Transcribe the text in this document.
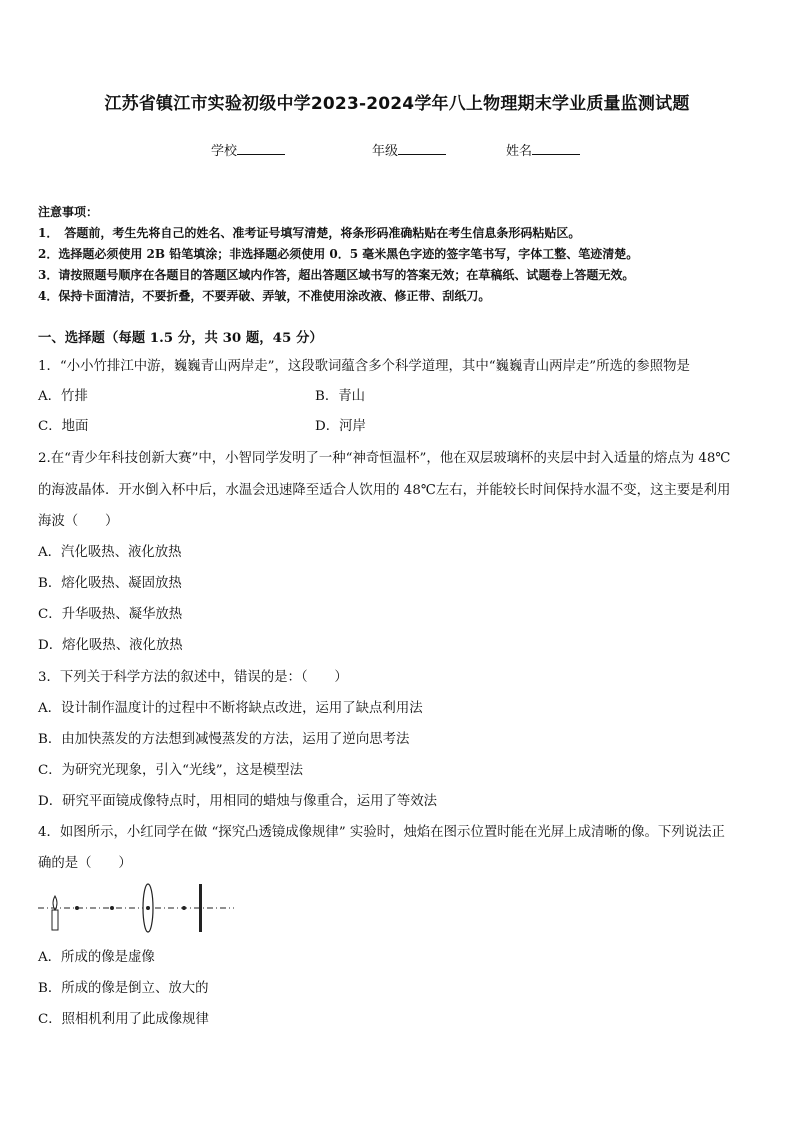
江苏省镇江市实验初级中学2023-2024学年八上物理期末学业质量监测试题
学校	年级	姓名
注意事项：
1．　答题前，考生先将自己的姓名、准考证号填写清楚，将条形码准确粘贴在考生信息条形码粘贴区。
2．选择题必须使用 2B 铅笔填涂；非选择题必须使用 0．5 毫米黑色字迹的签字笔书写，字体工整、笔迹清楚。
3．请按照题号顺序在各题目的答题区域内作答，超出答题区域书写的答案无效；在草稿纸、试题卷上答题无效。
4．保持卡面清洁，不要折叠，不要弄破、弄皱，不准使用涂改液、修正带、刮纸刀。
一、选择题（每题 1.5 分，共 30 题，45 分）
1．“小小竹排江中游，巍巍青山两岸走”，这段歌词蕴含多个科学道理，其中“巍巍青山两岸走”所选的参照物是
A．竹排	B．青山
C．地面	D．河岸
2.在“青少年科技创新大赛”中，小智同学发明了一种“神奇恒温杯”，他在双层玻璃杯的夹层中封入适量的熔点为 48℃
的海波晶体．开水倒入杯中后，水温会迅速降至适合人饮用的 48℃左右，并能较长时间保持水温不变，这主要是利用
海波（　　）
A．汽化吸热、液化放热
B．熔化吸热、凝固放热
C．升华吸热、凝华放热
D．熔化吸热、液化放热
3．下列关于科学方法的叙述中，错误的是：（　　）
A．设计制作温度计的过程中不断将缺点改进，运用了缺点利用法
B．由加快蒸发的方法想到减慢蒸发的方法，运用了逆向思考法
C．为研究光现象，引入“光线”，这是模型法
D．研究平面镜成像特点时，用相同的蜡烛与像重合，运用了等效法
4．如图所示，小红同学在做 “探究凸透镜成像规律” 实验时，烛焰在图示位置时能在光屏上成清晰的像。下列说法正
确的是（　　）
A．所成的像是虚像
B．所成的像是倒立、放大的
C．照相机利用了此成像规律
